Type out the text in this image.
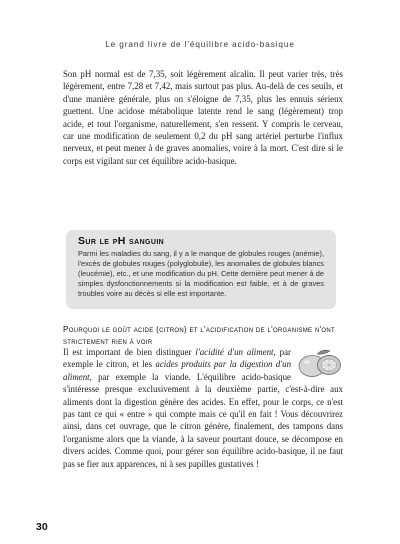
Le grand livre de l'équilibre acido-basique

Son pH normal est de 7,35, soit légèrement alcalin. Il peut varier très, très légèrement, entre 7,28 et 7,42, mais surtout pas plus. Au-delà de ces seuils, et d'une manière générale, plus on s'éloigne de 7,35, plus les ennuis sérieux guettent. Une acidose métabolique latente rend le sang (légèrement) trop acide, et tout l'organisme, naturellement, s'en ressent. Y compris le cerveau, car une modification de seulement 0,2 du pH sang artériel perturbe l'influx nerveux, et peut mener à de graves anomalies, voire à la mort. C'est dire si le corps est vigilant sur cet équilibre acido-basique.

Sur le pH sanguin

Parmi les maladies du sang, il y a le manque de globules rouges (anémie), l'excès de globules rouges (polyglobulie), les anomalies de globules blancs (leucémie), etc., et une modification du pH. Cette dernière peut mener à de simples dysfonctionnements si la modification est faible, et à de graves troubles voire au décès si elle est importante.

Pourquoi le goût acide (citron) et l'acidification de l'organisme n'ont strictement rien à voir

Il est important de bien distinguer l'acidité d'un aliment, par exemple le citron, et les acides produits par la digestion d'un aliment, par exemple la viande. L'équilibre acido-basique s'intéresse presque exclusivement à la deuxième partie, c'est-à-dire aux aliments dont la digestion génère des acides. En effet, pour le corps, ce n'est pas tant ce qui « entre » qui compte mais ce qu'il en fait ! Vous découvrirez ainsi, dans cet ouvrage, que le citron génère, finalement, des tampons dans l'organisme alors que la viande, à la saveur pourtant douce, se décompose en divers acides. Comme quoi, pour gérer son équilibre acido-basique, il ne faut pas se fier aux apparences, ni à ses papilles gustatives !

30
